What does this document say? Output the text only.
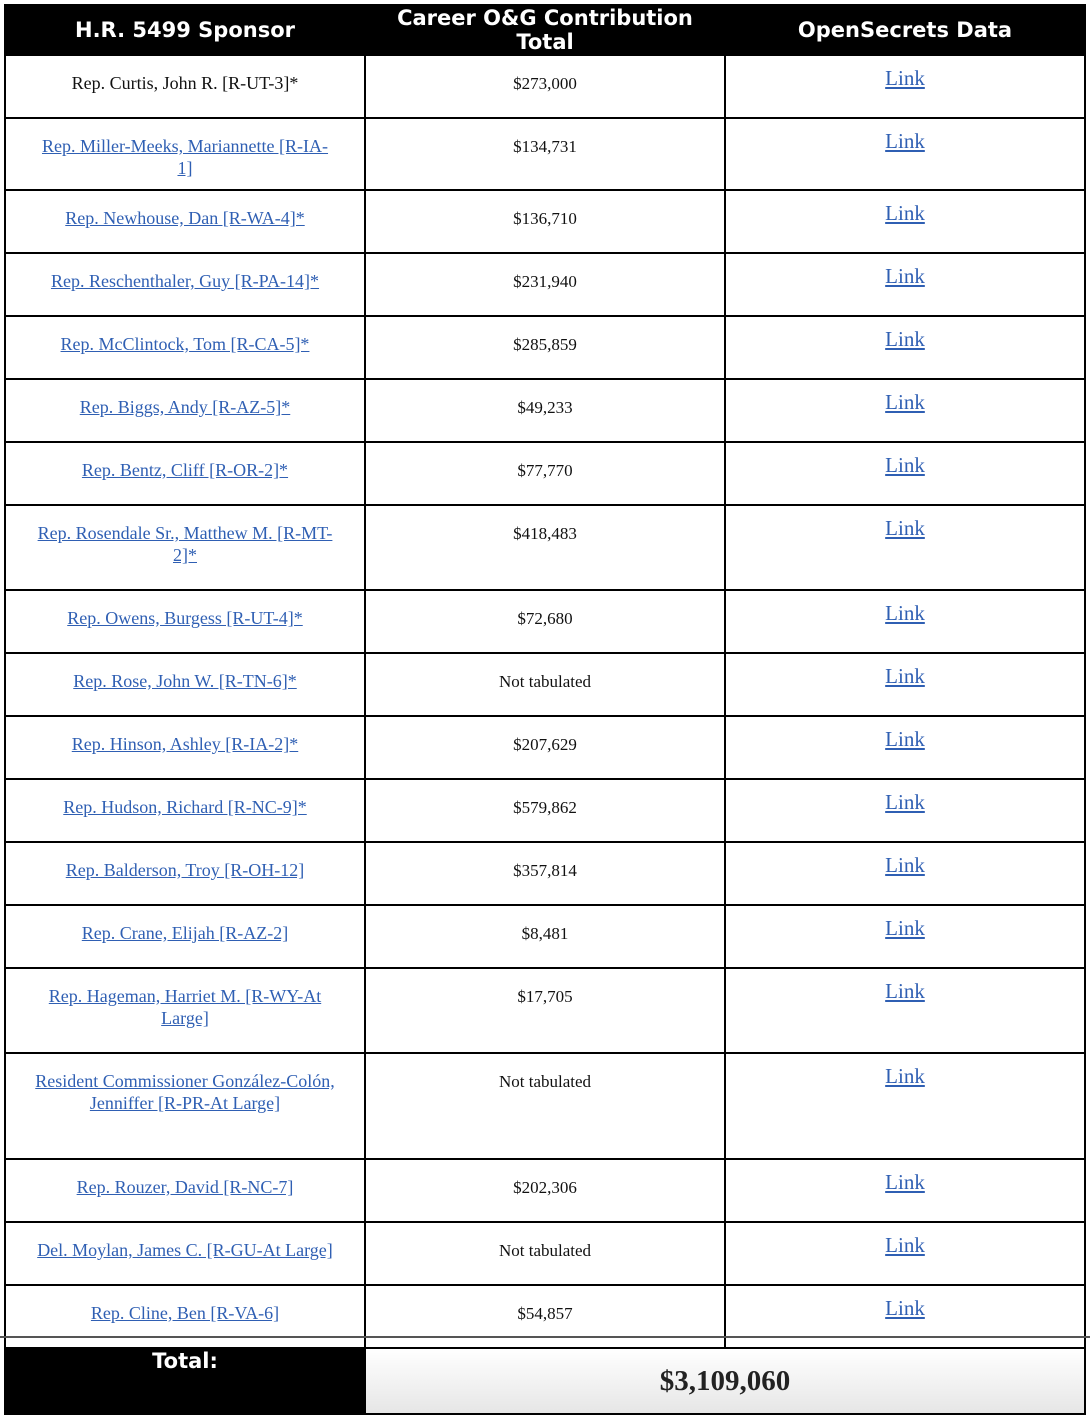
H.R. 5499 Sponsor	Career O&G Contribution Total	OpenSecrets Data
Rep. Curtis, John R. [R-UT-3]*	$273,000	Link
Rep. Miller-Meeks, Mariannette [R-IA-1]	$134,731	Link
Rep. Newhouse, Dan [R-WA-4]*	$136,710	Link
Rep. Reschenthaler, Guy [R-PA-14]*	$231,940	Link
Rep. McClintock, Tom [R-CA-5]*	$285,859	Link
Rep. Biggs, Andy [R-AZ-5]*	$49,233	Link
Rep. Bentz, Cliff [R-OR-2]*	$77,770	Link
Rep. Rosendale Sr., Matthew M. [R-MT-2]*	$418,483	Link
Rep. Owens, Burgess [R-UT-4]*	$72,680	Link
Rep. Rose, John W. [R-TN-6]*	Not tabulated	Link
Rep. Hinson, Ashley [R-IA-2]*	$207,629	Link
Rep. Hudson, Richard [R-NC-9]*	$579,862	Link
Rep. Balderson, Troy [R-OH-12]	$357,814	Link
Rep. Crane, Elijah [R-AZ-2]	$8,481	Link
Rep. Hageman, Harriet M. [R-WY-At Large]	$17,705	Link
Resident Commissioner González-Colón, Jenniffer [R-PR-At Large]	Not tabulated	Link
Rep. Rouzer, David [R-NC-7]	$202,306	Link
Del. Moylan, James C. [R-GU-At Large]	Not tabulated	Link
Rep. Cline, Ben [R-VA-6]	$54,857	Link
Total:	$3,109,060	
